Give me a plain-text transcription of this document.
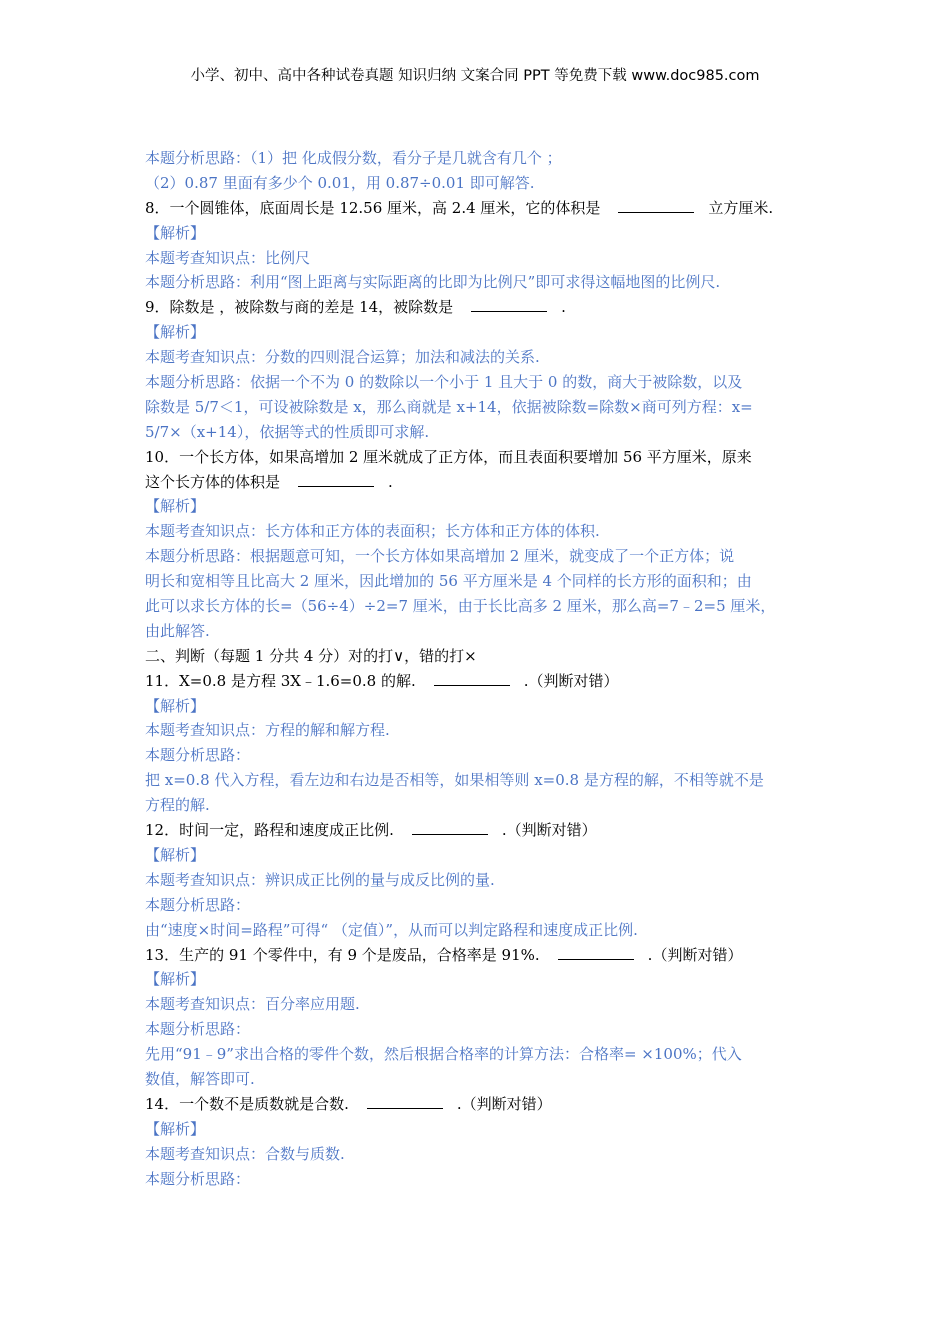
小学、初中、高中各种试卷真题 知识归纳 文案合同 PPT 等免费下载 www.doc985.com
本题分析思路：（1）把 化成假分数，看分子是几就含有几个 ；
（2）0.87 里面有多少个 0.01，用 0.87÷0.01 即可解答.
8．一个圆锥体，底面周长是 12.56 厘米，高 2.4 厘米，它的体积是	立方厘米.
【解析】
本题考查知识点：比例尺
本题分析思路：利用“图上距离与实际距离的比即为比例尺”即可求得这幅地图的比例尺.
9．除数是 ，被除数与商的差是 14，被除数是	.
【解析】
本题考查知识点：分数的四则混合运算；加法和减法的关系.
本题分析思路：依据一个不为 0 的数除以一个小于 1 且大于 0 的数，商大于被除数，以及
除数是 5/7＜1，可设被除数是 x，那么商就是 x+14，依据被除数=除数×商可列方程：x=
5/7×（x+14），依据等式的性质即可求解.
10．一个长方体，如果高增加 2 厘米就成了正方体，而且表面积要增加 56 平方厘米，原来
这个长方体的体积是	.
【解析】
本题考查知识点：长方体和正方体的表面积；长方体和正方体的体积.
本题分析思路：根据题意可知，一个长方体如果高增加 2 厘米，就变成了一个正方体；说
明长和宽相等且比高大 2 厘米，因此增加的 56 平方厘米是 4 个同样的长方形的面积和；由
此可以求长方体的长=（56÷4）÷2=7 厘米，由于长比高多 2 厘米，那么高=7﹣2=5 厘米，
由此解答.
二、判断（每题 1 分共 4 分）对的打∨，错的打×
11．X=0.8 是方程 3X﹣1.6=0.8 的解.	.（判断对错）
【解析】
本题考查知识点：方程的解和解方程.
本题分析思路：
把 x=0.8 代入方程，看左边和右边是否相等，如果相等则 x=0.8 是方程的解，不相等就不是
方程的解.
12．时间一定，路程和速度成正比例.	.（判断对错）
【解析】
本题考查知识点：辨识成正比例的量与成反比例的量.
本题分析思路：
由“速度×时间=路程”可得“ （定值）”，从而可以判定路程和速度成正比例.
13．生产的 91 个零件中，有 9 个是废品，合格率是 91%.	.（判断对错）
【解析】
本题考查知识点：百分率应用题.
本题分析思路：
先用“91﹣9”求出合格的零件个数，然后根据合格率的计算方法：合格率= ×100%；代入
数值，解答即可.
14．一个数不是质数就是合数.	.（判断对错）
【解析】
本题考查知识点：合数与质数.
本题分析思路：
